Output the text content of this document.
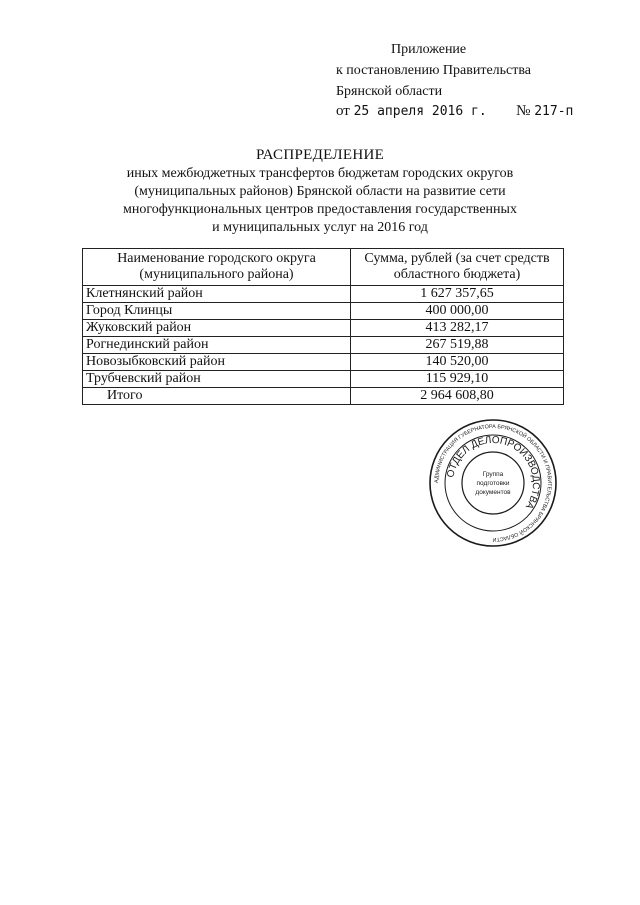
Приложение
к постановлению Правительства
Брянской области
от 25 апреля 2016 г. № 217-п
РАСПРЕДЕЛЕНИЕ
иных межбюджетных трансфертов бюджетам городских округов
(муниципальных районов) Брянской области на развитие сети
многофункциональных центров предоставления государственных
и муниципальных услуг на 2016 год
Наименование городского округа (муниципального района)	Сумма, рублей (за счет средств областного бюджета)
Клетнянский район	1 627 357,65
Город Клинцы	400 000,00
Жуковский район	413 282,17
Рогнединский район	267 519,88
Новозыбковский район	140 520,00
Трубчевский район	115 929,10
Итого	2 964 608,80
АДМИНИСТРАЦИЯ ГУБЕРНАТОРА БРЯНСКОЙ ОБЛАСТИ И ПРАВИТЕЛЬСТВА БРЯНСКОЙ ОБЛАСТИ
ОТДЕЛ ДЕЛОПРОИЗВОДСТВА
Группа
подготовки
документов
